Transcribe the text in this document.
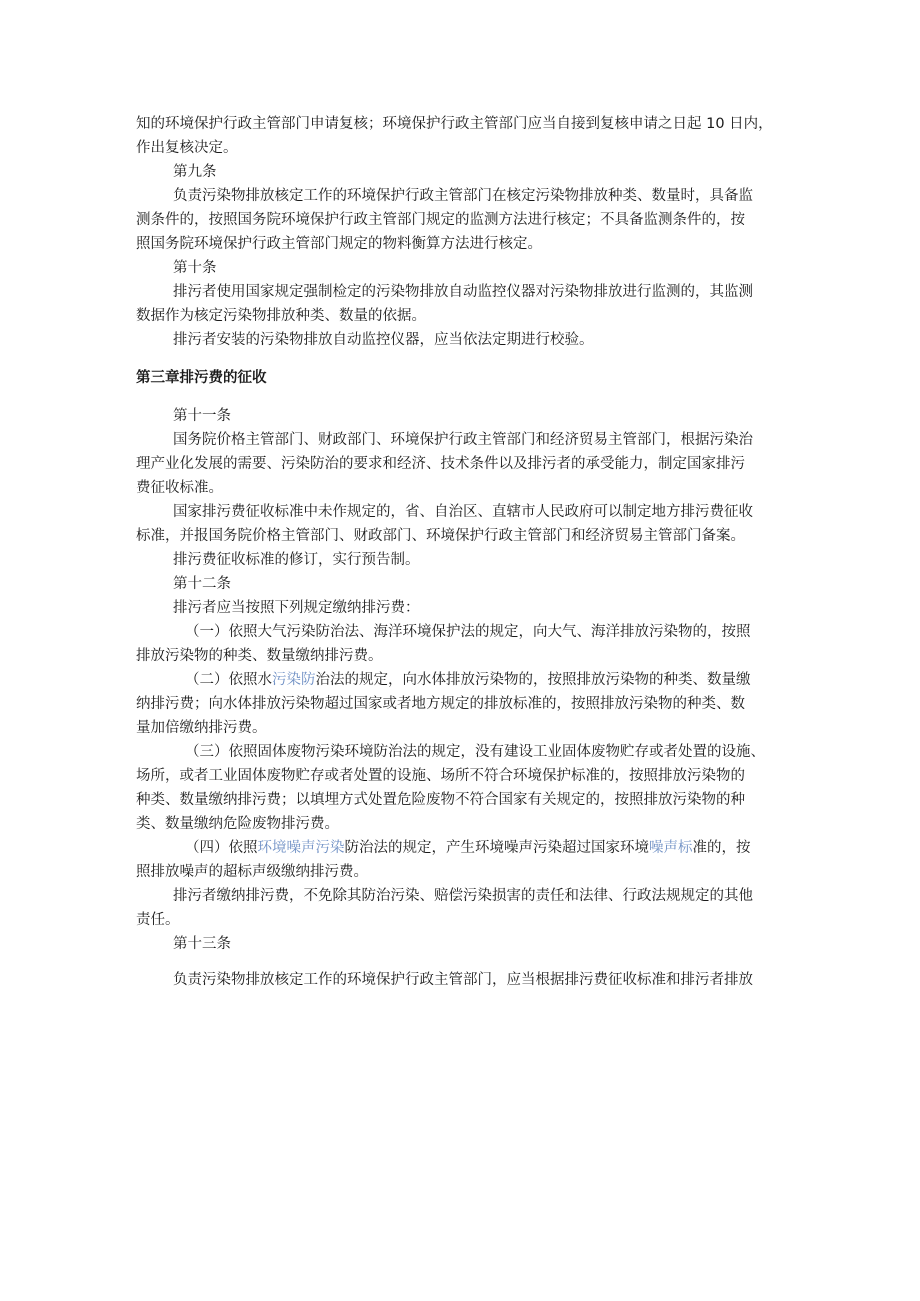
知的环境保护行政主管部门申请复核；环境保护行政主管部门应当自接到复核申请之日起 10 日内，

作出复核决定。

第九条

负责污染物排放核定工作的环境保护行政主管部门在核定污染物排放种类、数量时，具备监

测条件的，按照国务院环境保护行政主管部门规定的监测方法进行核定；不具备监测条件的，按

照国务院环境保护行政主管部门规定的物料衡算方法进行核定。

第十条

排污者使用国家规定强制检定的污染物排放自动监控仪器对污染物排放进行监测的，其监测

数据作为核定污染物排放种类、数量的依据。

排污者安装的污染物排放自动监控仪器，应当依法定期进行校验。

第三章排污费的征收

第十一条

国务院价格主管部门、财政部门、环境保护行政主管部门和经济贸易主管部门，根据污染治

理产业化发展的需要、污染防治的要求和经济、技术条件以及排污者的承受能力，制定国家排污

费征收标准。

国家排污费征收标准中未作规定的，省、自治区、直辖市人民政府可以制定地方排污费征收

标准，并报国务院价格主管部门、财政部门、环境保护行政主管部门和经济贸易主管部门备案。

排污费征收标准的修订，实行预告制。

第十二条

排污者应当按照下列规定缴纳排污费：

（一）依照大气污染防治法、海洋环境保护法的规定，向大气、海洋排放污染物的，按照

排放污染物的种类、数量缴纳排污费。

（二）依照水污染防治法的规定，向水体排放污染物的，按照排放污染物的种类、数量缴

纳排污费；向水体排放污染物超过国家或者地方规定的排放标准的，按照排放污染物的种类、数

量加倍缴纳排污费。

（三）依照固体废物污染环境防治法的规定，没有建设工业固体废物贮存或者处置的设施、

场所，或者工业固体废物贮存或者处置的设施、场所不符合环境保护标准的，按照排放污染物的

种类、数量缴纳排污费；以填埋方式处置危险废物不符合国家有关规定的，按照排放污染物的种

类、数量缴纳危险废物排污费。

（四）依照环境噪声污染防治法的规定，产生环境噪声污染超过国家环境噪声标准的，按

照排放噪声的超标声级缴纳排污费。

排污者缴纳排污费，不免除其防治污染、赔偿污染损害的责任和法律、行政法规规定的其他

责任。

第十三条

负责污染物排放核定工作的环境保护行政主管部门，应当根据排污费征收标准和排污者排放
